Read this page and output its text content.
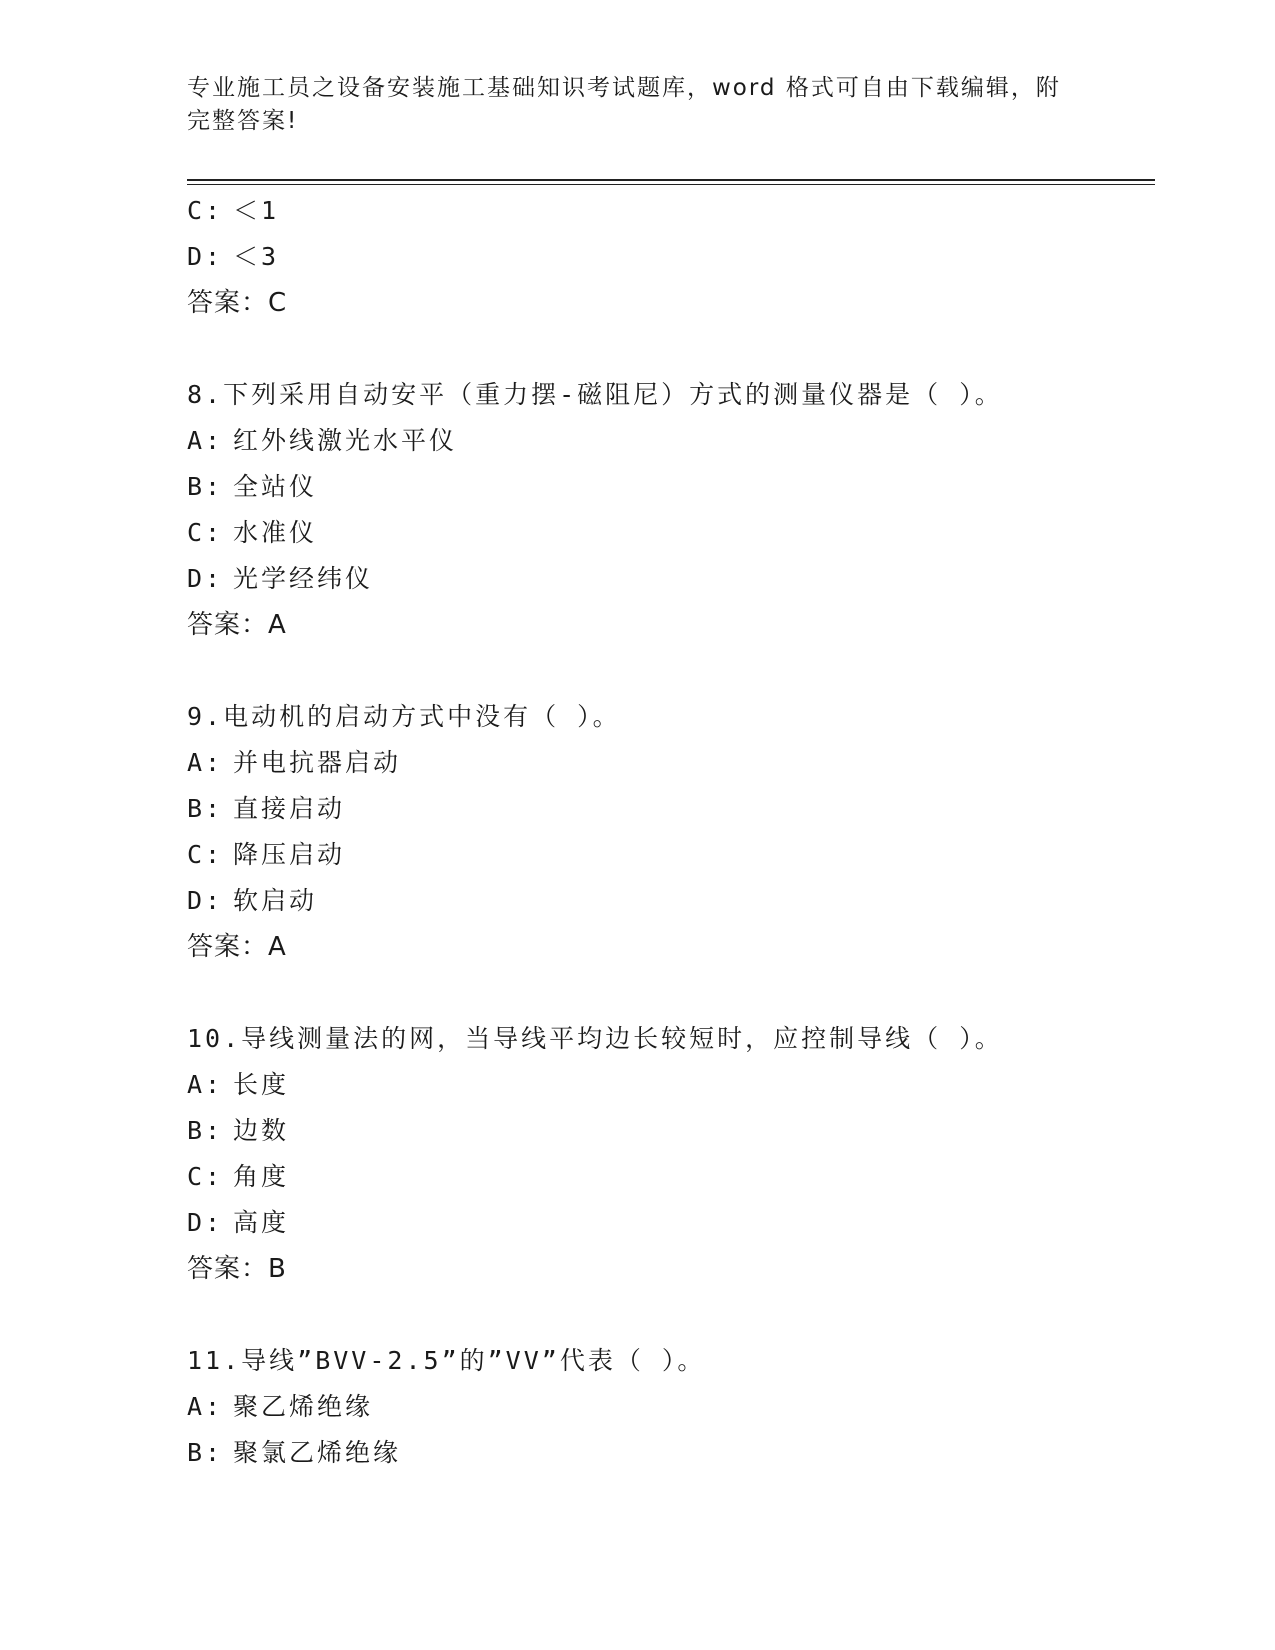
专业施工员之设备安装施工基础知识考试题库，word 格式可自由下载编辑，附完整答案!
C: ＜1
D: ＜3
答案：C
8.下列采用自动安平（重力摆-磁阻尼）方式的测量仪器是（ ）。
A: 红外线激光水平仪
B: 全站仪
C: 水准仪
D: 光学经纬仪
答案：A
9.电动机的启动方式中没有（ ）。
A: 并电抗器启动
B: 直接启动
C: 降压启动
D: 软启动
答案：A
10.导线测量法的网，当导线平均边长较短时，应控制导线（ ）。
A: 长度
B: 边数
C: 角度
D: 高度
答案：B
11.导线”BVV-2.5”的”VV”代表（ ）。
A: 聚乙烯绝缘
B: 聚氯乙烯绝缘
